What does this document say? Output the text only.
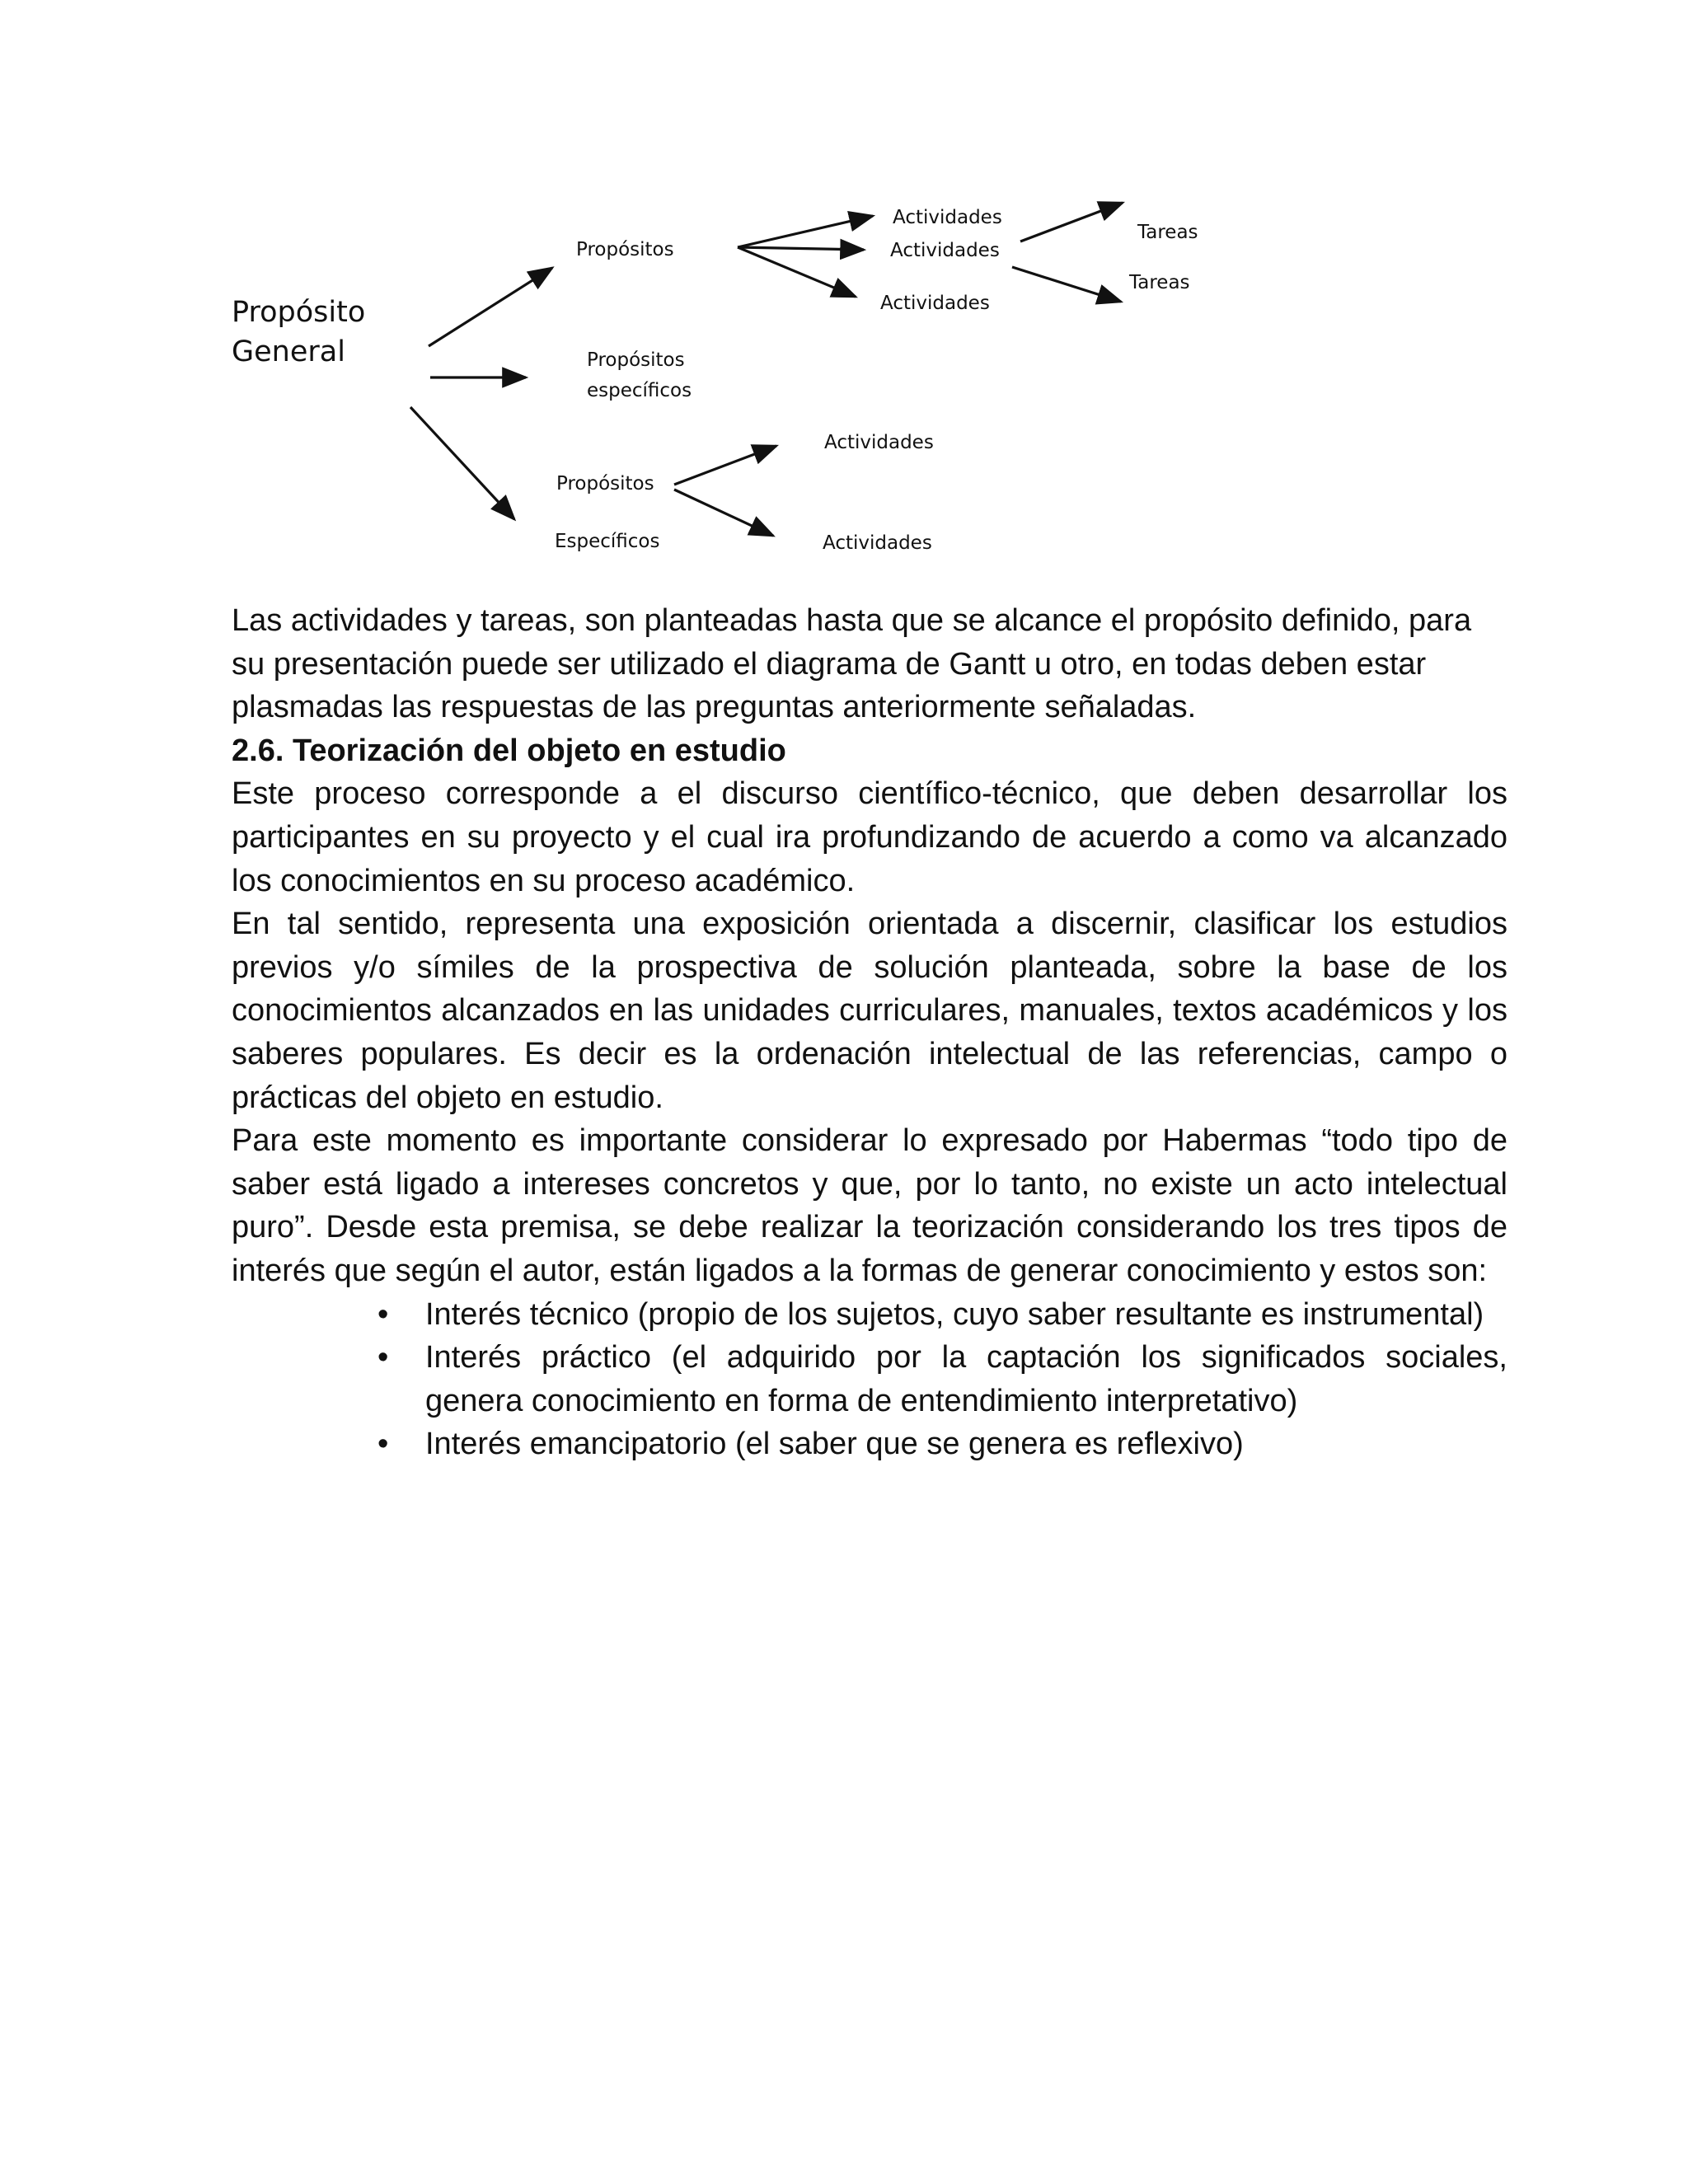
Propósito
General
Propósitos
Propósitos
específicos
Propósitos
Específicos
Actividades
Actividades
Actividades
Tareas
Tareas
Actividades
Actividades

Las actividades y tareas, son planteadas hasta que se alcance el propósito definido, para su presentación puede ser utilizado el diagrama de Gantt u otro, en todas deben estar plasmadas las respuestas de las preguntas anteriormente señaladas.

2.6. Teorización del objeto en estudio

Este proceso corresponde a el discurso científico-técnico, que deben desarrollar los participantes en su proyecto y el cual ira profundizando de acuerdo a como va alcanzado los conocimientos en su proceso académico.

En tal sentido, representa una exposición orientada a discernir, clasificar los estudios previos y/o símiles de la prospectiva de solución planteada, sobre la base de los conocimientos alcanzados en las unidades curriculares, manuales, textos académicos y los saberes populares. Es decir es la ordenación intelectual de las referencias, campo o prácticas del objeto en estudio.

Para este momento es importante considerar lo expresado por Habermas “todo tipo de saber está ligado a intereses concretos y que, por lo tanto, no existe un acto intelectual puro”. Desde esta premisa, se debe realizar la teorización considerando los tres tipos de interés que según el autor, están ligados a la formas de generar conocimiento y estos son:

• Interés técnico (propio de los sujetos, cuyo saber resultante es instrumental)
• Interés práctico (el adquirido por la captación los significados sociales, genera conocimiento en forma de entendimiento interpretativo)
• Interés emancipatorio (el saber que se genera es reflexivo)
